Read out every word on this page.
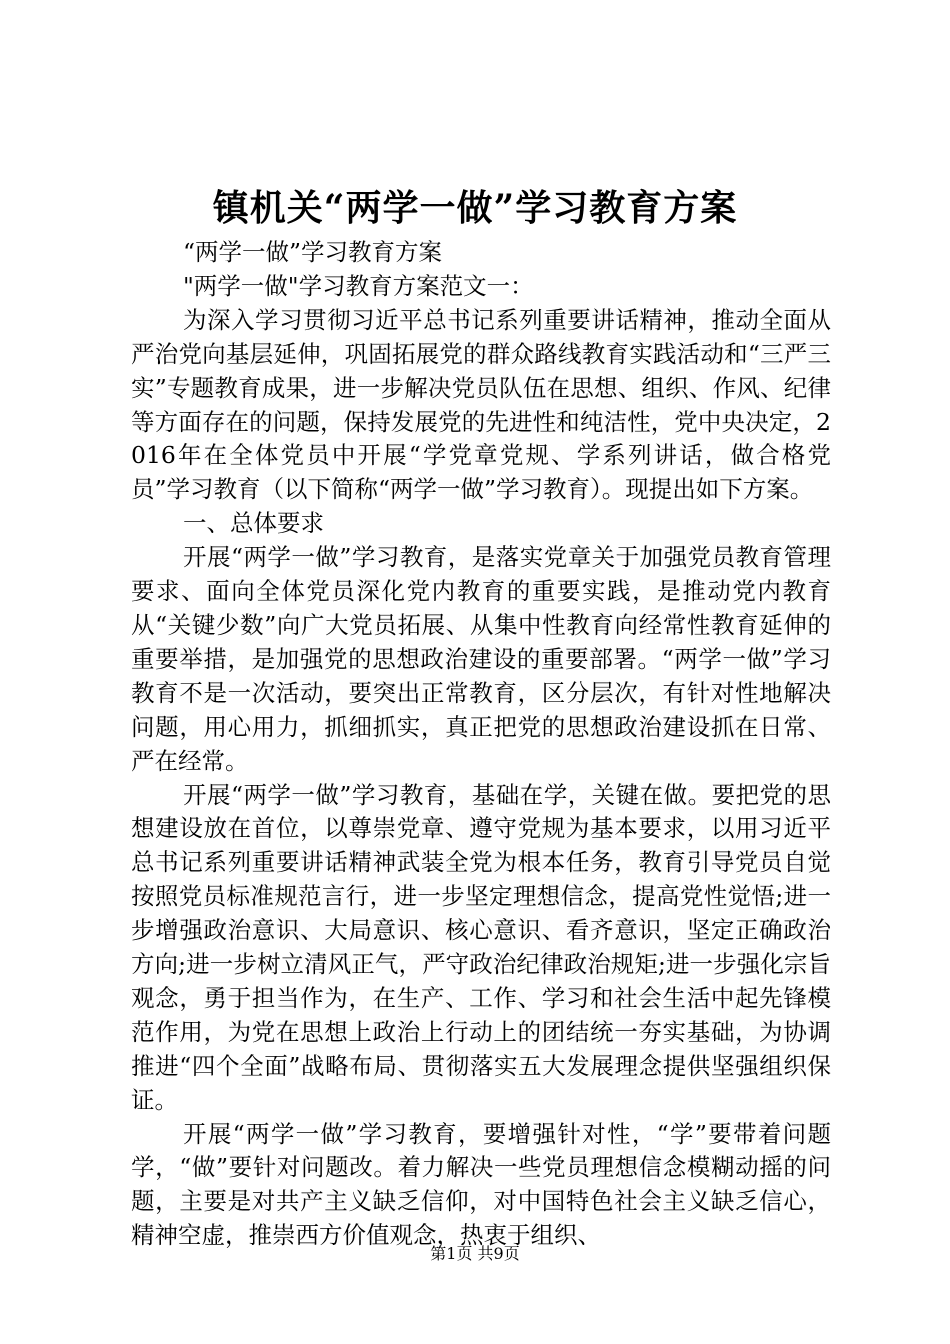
镇机关“两学一做”学习教育方案

“两学一做”学习教育方案

"两学一做"学习教育方案范文一：

为深入学习贯彻习近平总书记系列重要讲话精神，推动全面从严治党向基层延伸，巩固拓展党的群众路线教育实践活动和“三严三实”专题教育成果，进一步解决党员队伍在思想、组织、作风、纪律等方面存在的问题，保持发展党的先进性和纯洁性，党中央决定，2016年在全体党员中开展“学党章党规、学系列讲话，做合格党员”学习教育（以下简称“两学一做”学习教育）。现提出如下方案。

一、总体要求

开展“两学一做”学习教育，是落实党章关于加强党员教育管理要求、面向全体党员深化党内教育的重要实践，是推动党内教育从“关键少数”向广大党员拓展、从集中性教育向经常性教育延伸的重要举措，是加强党的思想政治建设的重要部署。“两学一做”学习教育不是一次活动，要突出正常教育，区分层次，有针对性地解决问题，用心用力，抓细抓实，真正把党的思想政治建设抓在日常、严在经常。

开展“两学一做”学习教育，基础在学，关键在做。要把党的思想建设放在首位，以尊崇党章、遵守党规为基本要求，以用习近平总书记系列重要讲话精神武装全党为根本任务，教育引导党员自觉按照党员标准规范言行，进一步坚定理想信念，提高党性觉悟;进一步增强政治意识、大局意识、核心意识、看齐意识，坚定正确政治方向;进一步树立清风正气，严守政治纪律政治规矩;进一步强化宗旨观念，勇于担当作为，在生产、工作、学习和社会生活中起先锋模范作用，为党在思想上政治上行动上的团结统一夯实基础，为协调推进“四个全面”战略布局、贯彻落实五大发展理念提供坚强组织保证。

开展“两学一做”学习教育，要增强针对性，“学”要带着问题学，“做”要针对问题改。着力解决一些党员理想信念模糊动摇的问题，主要是对共产主义缺乏信仰，对中国特色社会主义缺乏信心，精神空虚，推崇西方价值观念，热衷于组织、

第1页 共9页
